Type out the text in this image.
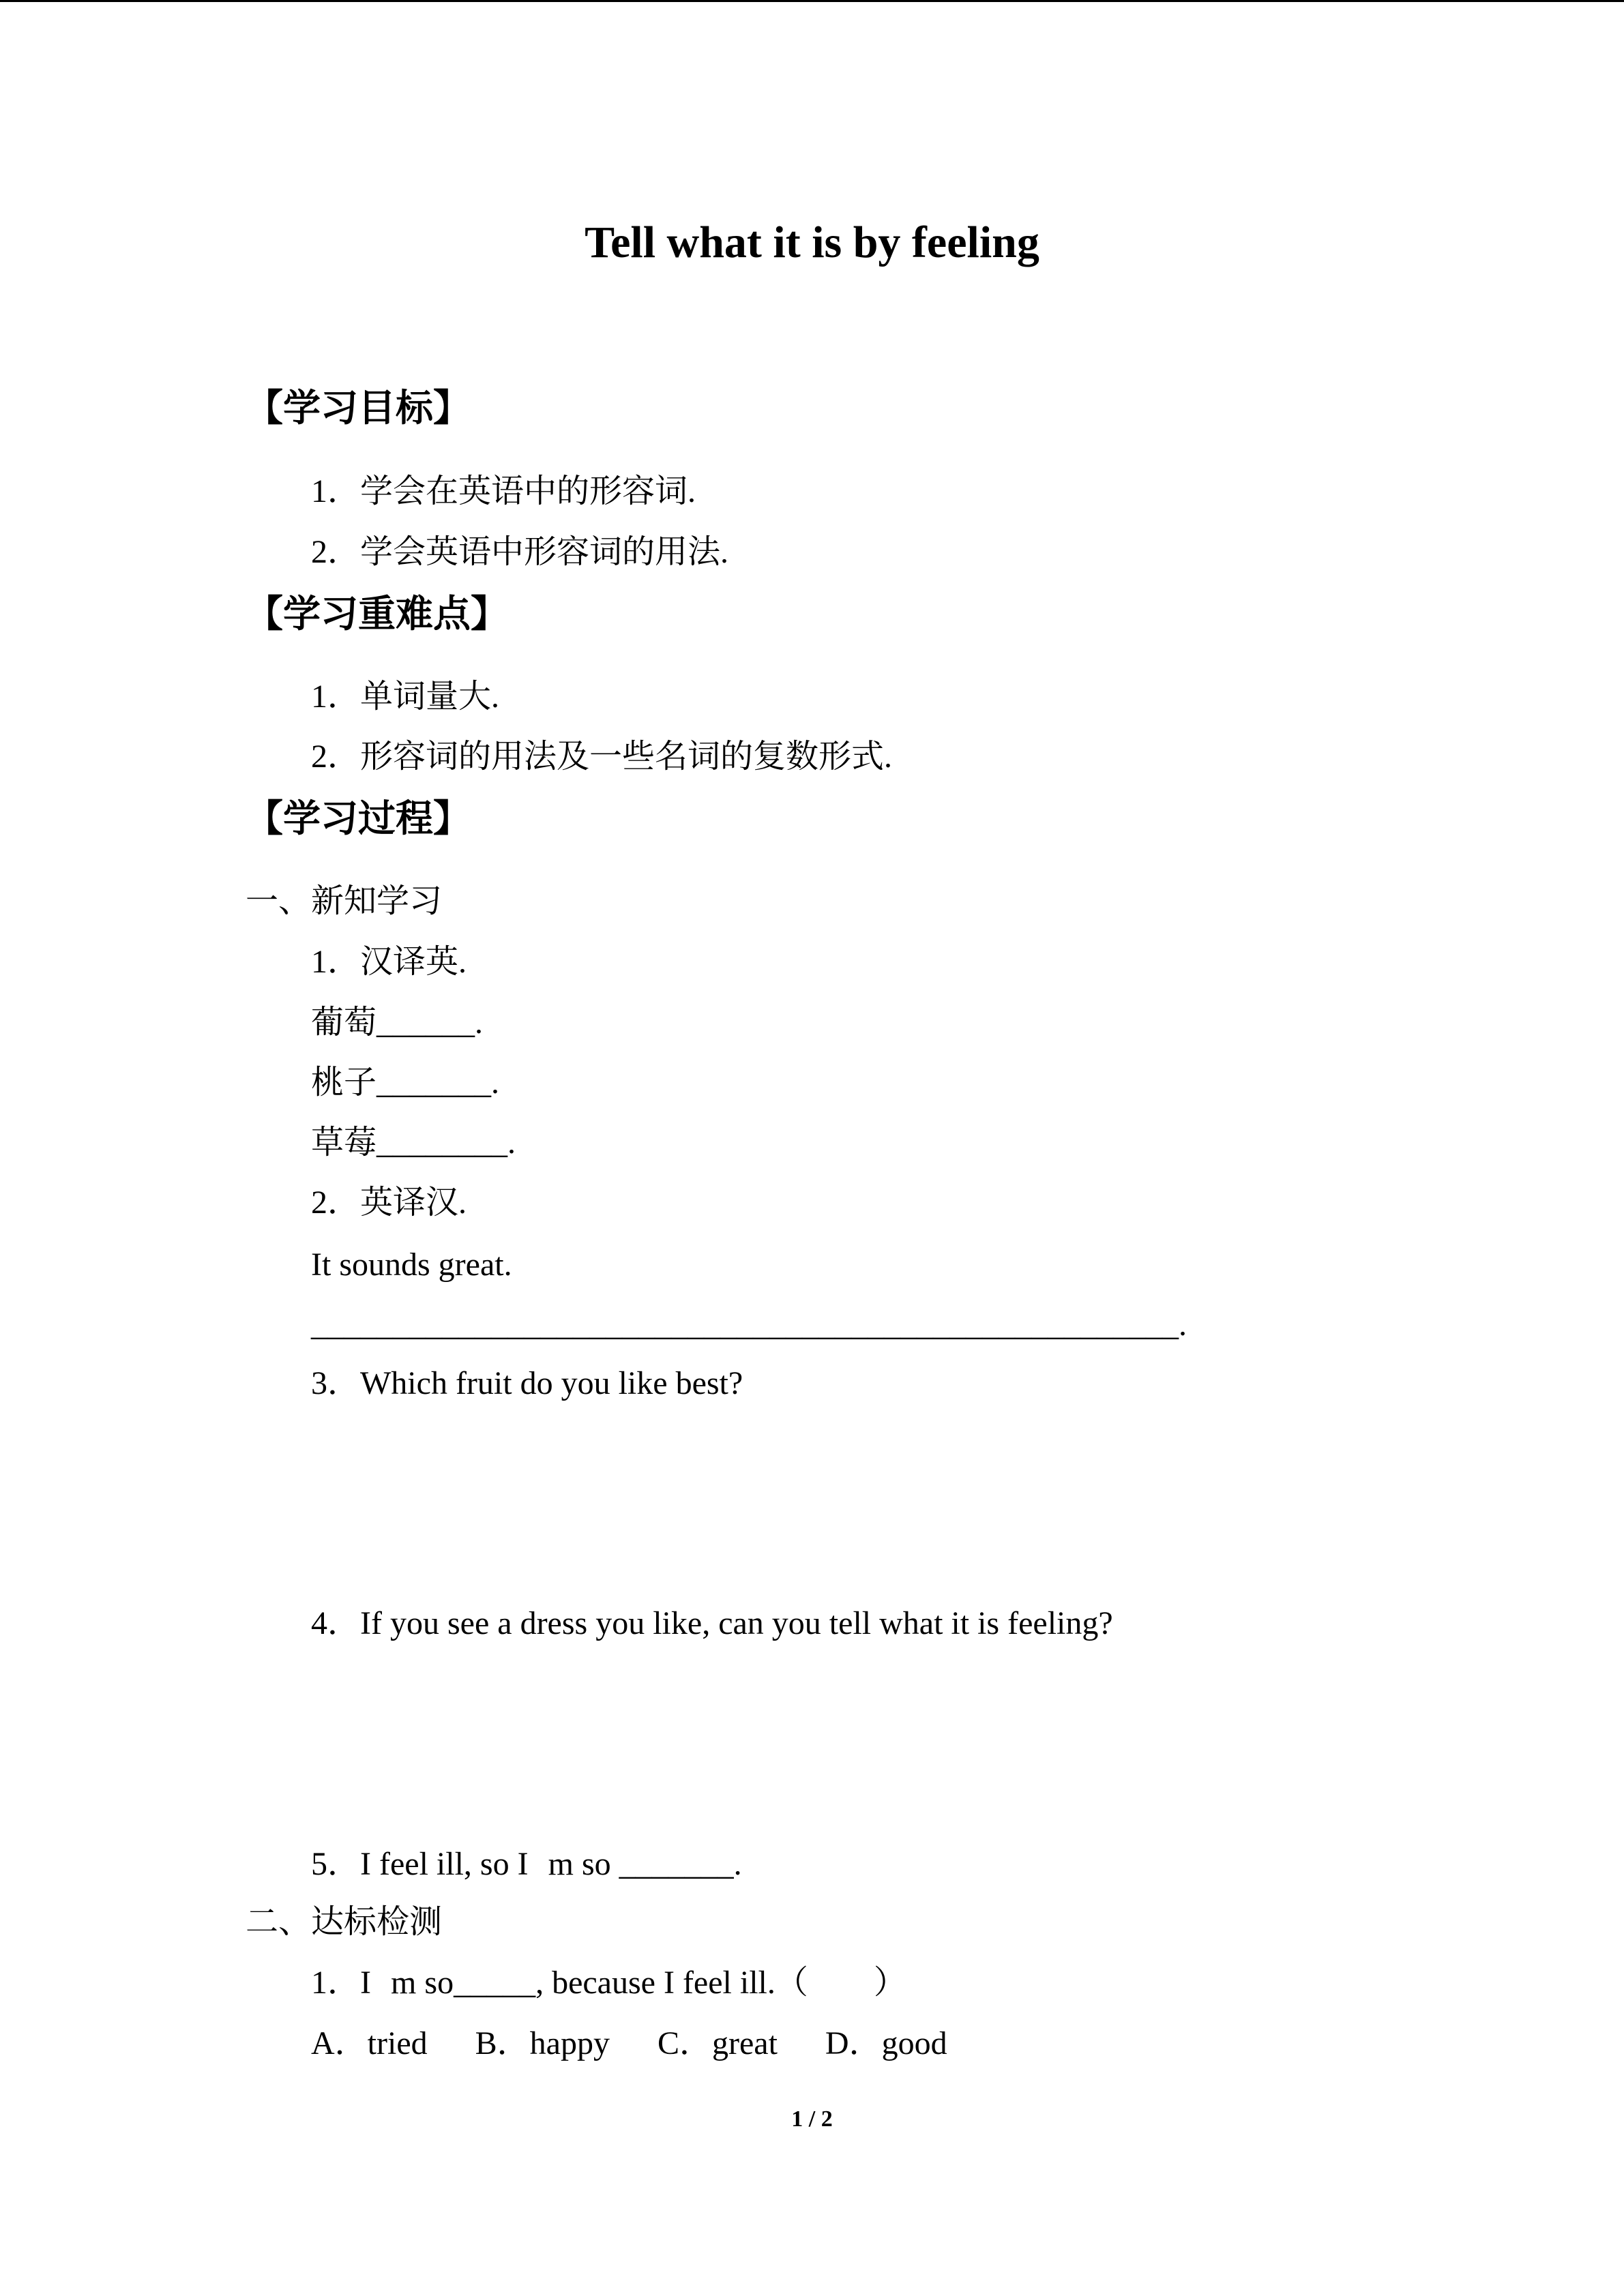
Tell what it is by feeling
【学习目标】
1．学会在英语中的形容词.
2．学会英语中形容词的用法.
【学习重难点】
1．单词量大.
2．形容词的用法及一些名词的复数形式.
【学习过程】
一、新知学习
1．汉译英.
葡萄______.
桃子_______.
草莓________.
2．英译汉.
It sounds great.
_____________________________________________________.
3．Which fruit do you like best?
4．If you see a dress you like, can you tell what it is feeling?
5．I feel ill, so Im so _______.
二、达标检测
1．Im so_____, because I feel ill.（　　）
A．tried B．happy C．great D．good
1 / 2
